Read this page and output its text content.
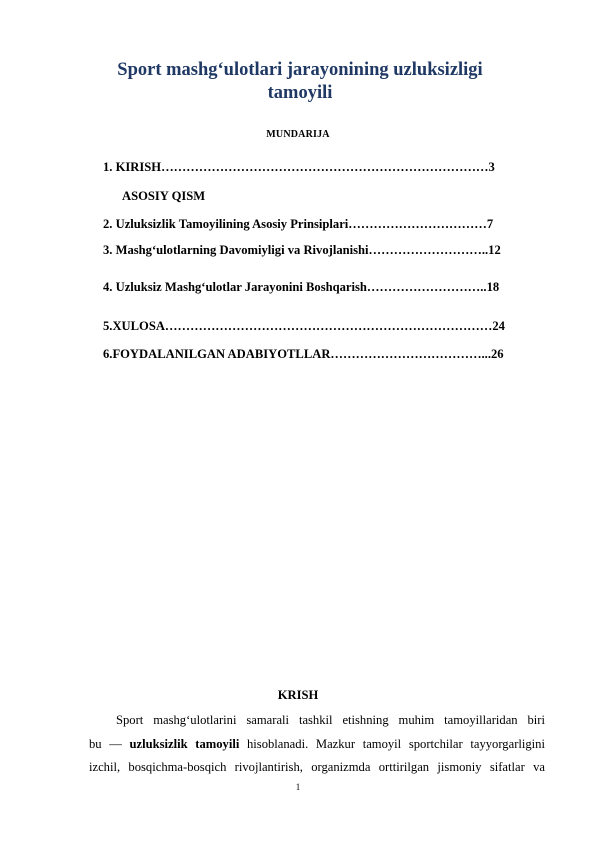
Sport mashg‘ulotlari jarayonining uzluksizligi
tamoyili
MUNDARIJA
1. KIRISH……………………………………………………………………3
ASOSIY QISM
2. Uzluksizlik Tamoyilining Asosiy Prinsiplari……………………………7
3. Mashg‘ulotlarning Davomiyligi va Rivojlanishi………………………..12
4. Uzluksiz Mashg‘ulotlar Jarayonini Boshqarish………………………..18
5.XULOSA……………………………………………………………………24
6.FOYDALANILGAN ADABIYOTLLAR………………………………...26
KRISH
Sport mashg‘ulotlarini samarali tashkil etishning muhim tamoyillaridan biri
bu — uzluksizlik tamoyili hisoblanadi. Mazkur tamoyil sportchilar tayyorgarligini
izchil, bosqichma-bosqich rivojlantirish, organizmda orttirilgan jismoniy sifatlar va
1
